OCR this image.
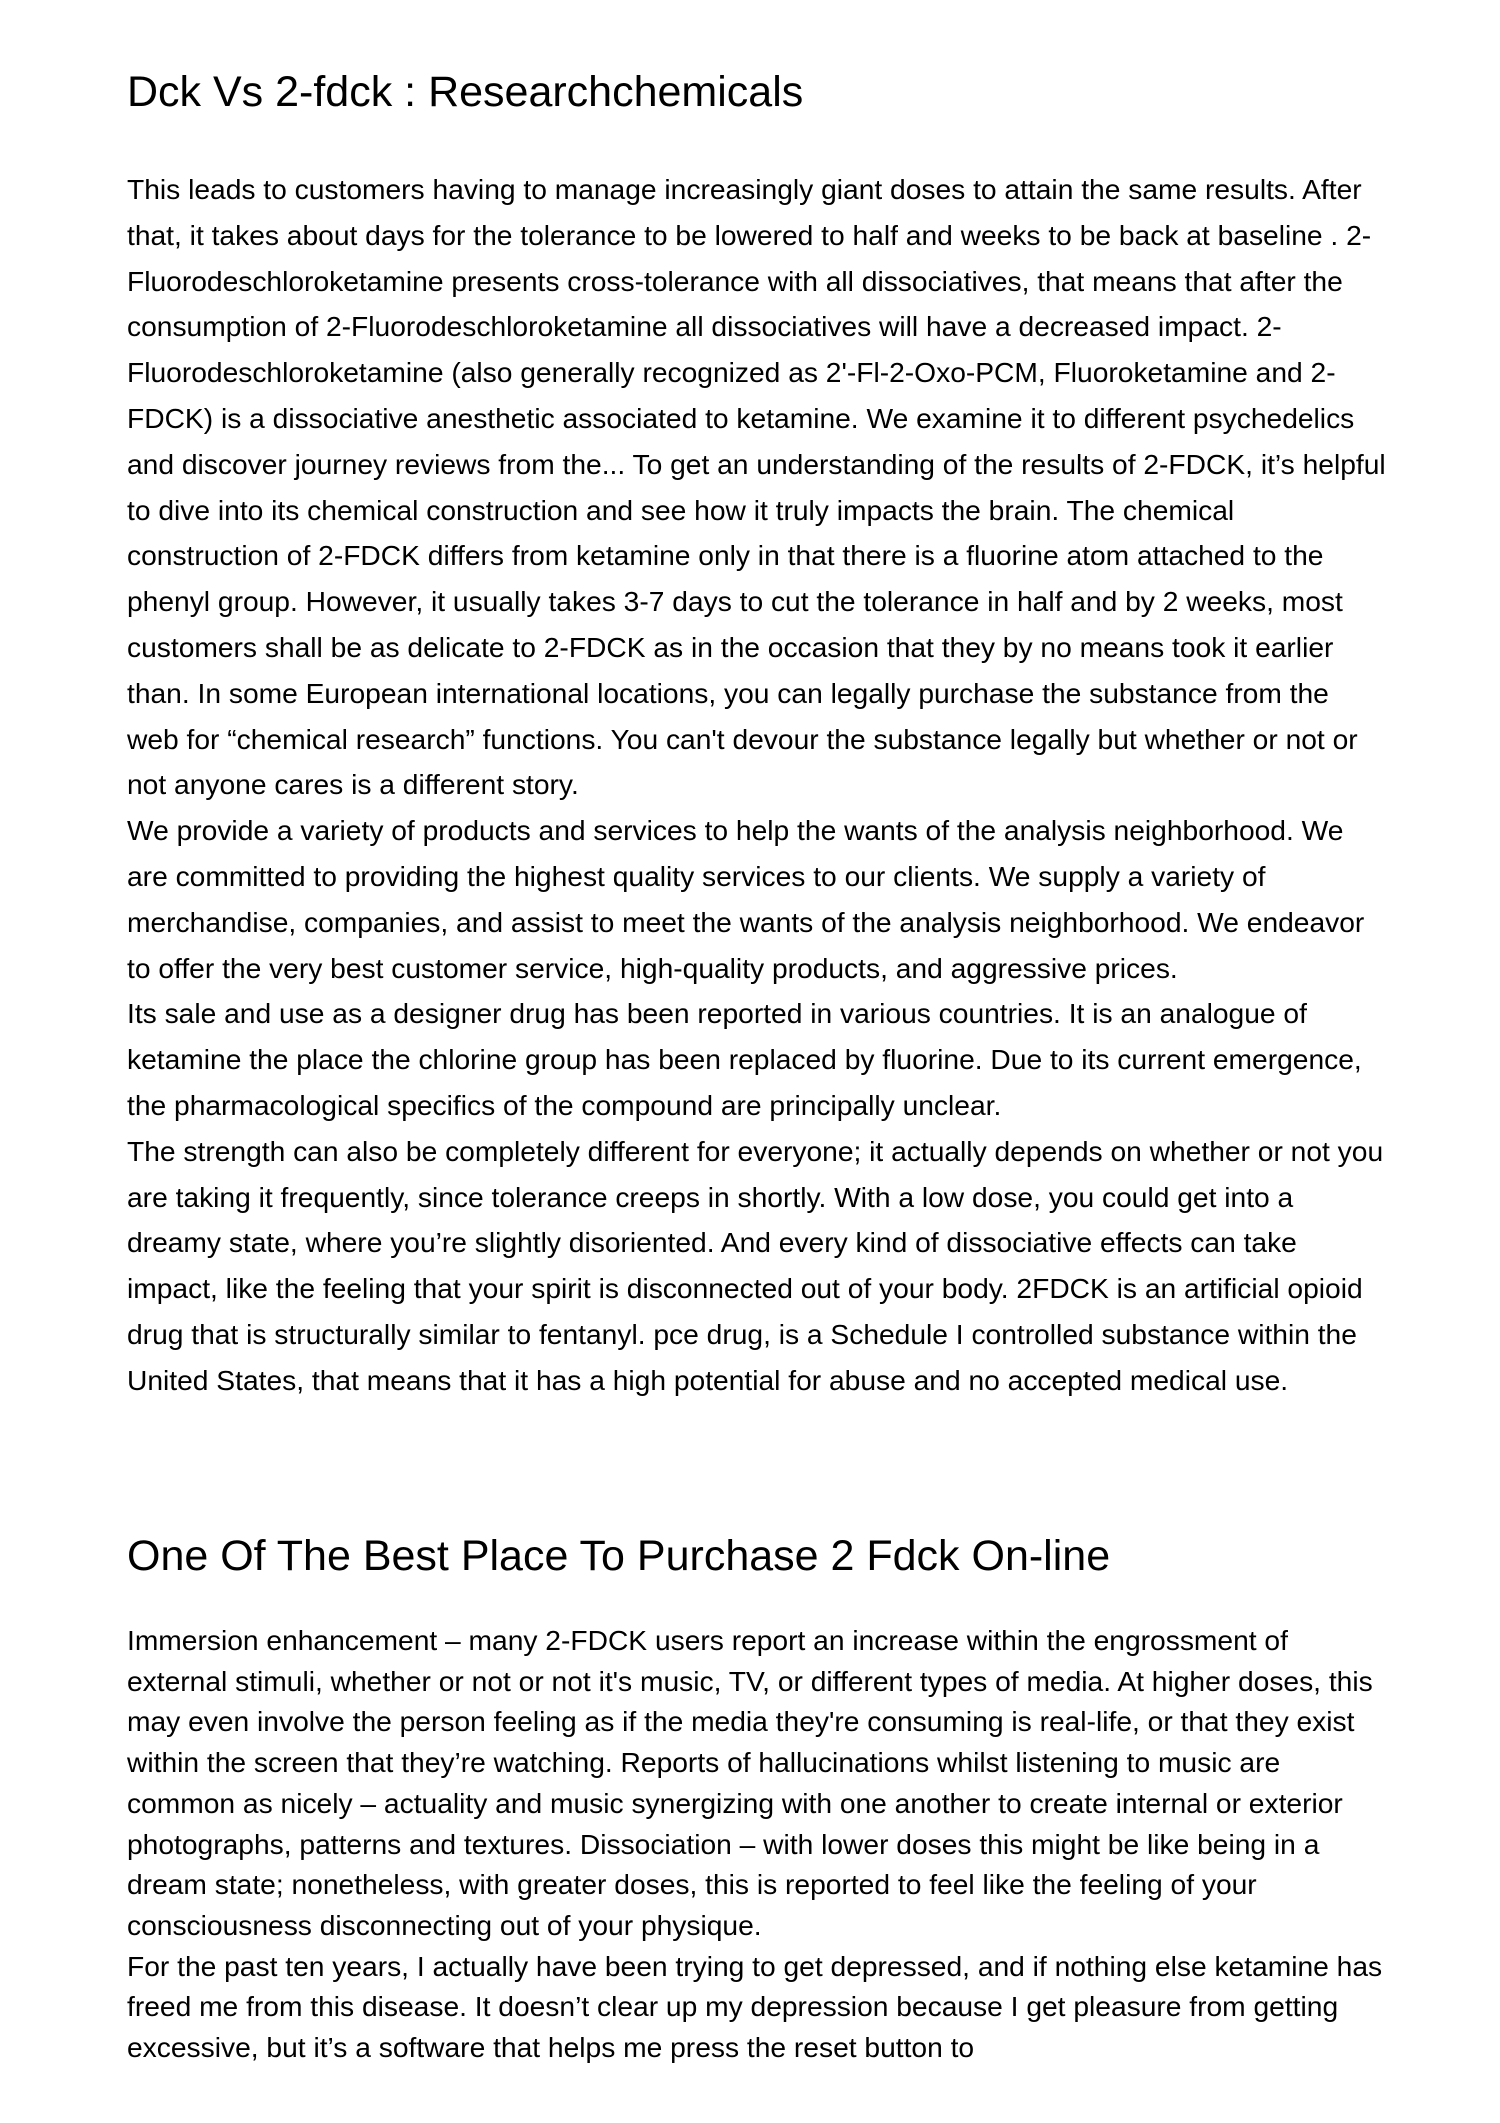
Dck Vs 2-fdck : Researchchemicals

This leads to customers having to manage increasingly giant doses to attain the same results. After that, it takes about days for the tolerance to be lowered to half and weeks to be back at baseline . 2-Fluorodeschloroketamine presents cross-tolerance with all dissociatives, that means that after the consumption of 2-Fluorodeschloroketamine all dissociatives will have a decreased impact. 2-Fluorodeschloroketamine (also generally recognized as 2'-Fl-2-Oxo-PCM, Fluoroketamine and 2-FDCK) is a dissociative anesthetic associated to ketamine. We examine it to different psychedelics and discover journey reviews from the... To get an understanding of the results of 2-FDCK, it’s helpful to dive into its chemical construction and see how it truly impacts the brain. The chemical construction of 2-FDCK differs from ketamine only in that there is a fluorine atom attached to the phenyl group. However, it usually takes 3-7 days to cut the tolerance in half and by 2 weeks, most customers shall be as delicate to 2-FDCK as in the occasion that they by no means took it earlier than. In some European international locations, you can legally purchase the substance from the web for “chemical research” functions. You can't devour the substance legally but whether or not or not anyone cares is a different story.

We provide a variety of products and services to help the wants of the analysis neighborhood. We are committed to providing the highest quality services to our clients. We supply a variety of merchandise, companies, and assist to meet the wants of the analysis neighborhood. We endeavor to offer the very best customer service, high-quality products, and aggressive prices.

Its sale and use as a designer drug has been reported in various countries. It is an analogue of ketamine the place the chlorine group has been replaced by fluorine. Due to its current emergence, the pharmacological specifics of the compound are principally unclear.

The strength can also be completely different for everyone; it actually depends on whether or not you are taking it frequently, since tolerance creeps in shortly. With a low dose, you could get into a dreamy state, where you’re slightly disoriented. And every kind of dissociative effects can take impact, like the feeling that your spirit is disconnected out of your body. 2FDCK is an artificial opioid drug that is structurally similar to fentanyl. pce drug, is a Schedule I controlled substance within the United States, that means that it has a high potential for abuse and no accepted medical use.

One Of The Best Place To Purchase 2 Fdck On-line

Immersion enhancement – many 2-FDCK users report an increase within the engrossment of external stimuli, whether or not or not it's music, TV, or different types of media. At higher doses, this may even involve the person feeling as if the media they're consuming is real-life, or that they exist within the screen that they’re watching. Reports of hallucinations whilst listening to music are common as nicely – actuality and music synergizing with one another to create internal or exterior photographs, patterns and textures. Dissociation – with lower doses this might be like being in a dream state; nonetheless, with greater doses, this is reported to feel like the feeling of your consciousness disconnecting out of your physique.

For the past ten years, I actually have been trying to get depressed, and if nothing else ketamine has freed me from this disease. It doesn’t clear up my depression because I get pleasure from getting excessive, but it’s a software that helps me press the reset button to
